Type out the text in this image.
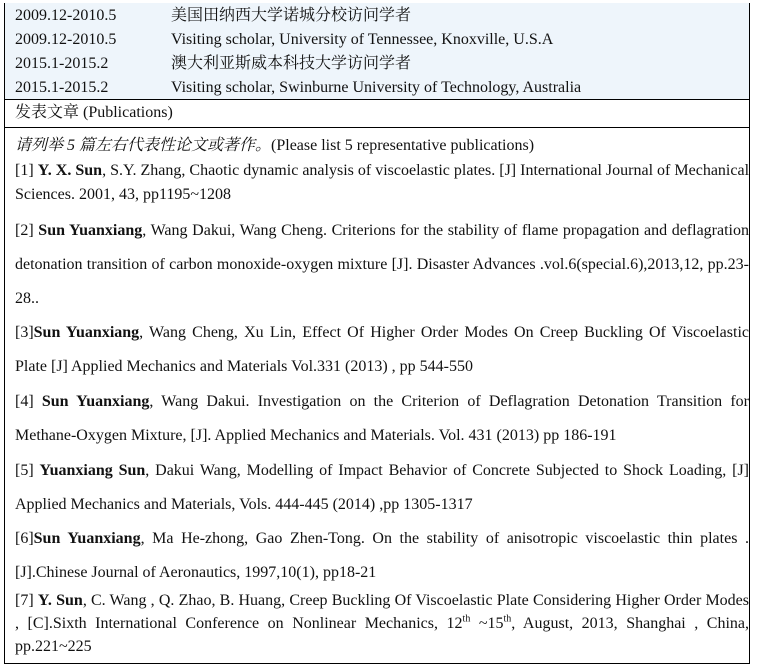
2009.12-2010.5	美国田纳西大学诺城分校访问学者
2009.12-2010.5	Visiting scholar, University of Tennessee, Knoxville, U.S.A
2015.1-2015.2	澳大利亚斯威本科技大学访问学者
2015.1-2015.2	Visiting scholar, Swinburne University of Technology, Australia
发表文章 (Publications)
请列举 5 篇左右代表性论文或著作。(Please list 5 representative publications)
[1] Y. X. Sun, S.Y. Zhang, Chaotic dynamic analysis of viscoelastic plates. [J] International Journal of Mechanical Sciences. 2001, 43, pp1195~1208
[2] Sun Yuanxiang, Wang Dakui, Wang Cheng. Criterions for the stability of flame propagation and deflagration detonation transition of carbon monoxide-oxygen mixture [J]. Disaster Advances .vol.6(special.6),2013,12, pp.23-28..
[3]Sun Yuanxiang, Wang Cheng, Xu Lin, Effect Of Higher Order Modes On Creep Buckling Of Viscoelastic Plate [J] Applied Mechanics and Materials Vol.331 (2013) , pp 544-550
[4] Sun Yuanxiang, Wang Dakui. Investigation on the Criterion of Deflagration Detonation Transition for Methane-Oxygen Mixture, [J]. Applied Mechanics and Materials. Vol. 431 (2013) pp 186-191
[5] Yuanxiang Sun, Dakui Wang, Modelling of Impact Behavior of Concrete Subjected to Shock Loading, [J] Applied Mechanics and Materials, Vols. 444-445 (2014) ,pp 1305-1317
[6]Sun Yuanxiang, Ma He-zhong, Gao Zhen-Tong. On the stability of anisotropic viscoelastic thin plates . [J].Chinese Journal of Aeronautics, 1997,10(1), pp18-21
[7] Y. Sun, C. Wang , Q. Zhao, B. Huang, Creep Buckling Of Viscoelastic Plate Considering Higher Order Modes , [C].Sixth International Conference on Nonlinear Mechanics, 12th ~15th, August, 2013, Shanghai , China, pp.221~225
